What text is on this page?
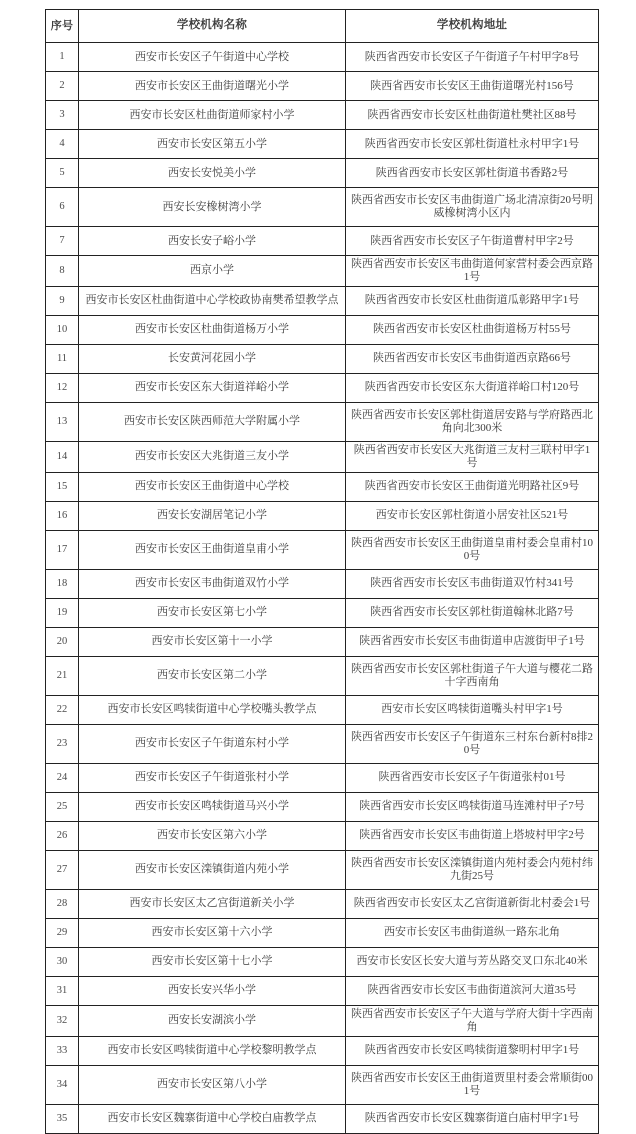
序号	学校机构名称	学校机构地址
1	西安市长安区子午街道中心学校	陕西省西安市长安区子午街道子午村甲字8号
2	西安市长安区王曲街道曙光小学	陕西省西安市长安区王曲街道曙光村156号
3	西安市长安区杜曲街道师家村小学	陕西省西安市长安区杜曲街道杜樊社区88号
4	西安市长安区第五小学	陕西省西安市长安区郭杜街道杜永村甲字1号
5	西安长安悦美小学	陕西省西安市长安区郭杜街道书香路2号
6	西安长安橡树湾小学	陕西省西安市长安区韦曲街道广场北清凉街20号明威橡树湾小区内
7	西安长安子峪小学	陕西省西安市长安区子午街道曹村甲字2号
8	西京小学	陕西省西安市长安区韦曲街道何家营村委会西京路1号
9	西安市长安区杜曲街道中心学校政协南樊希望教学点	陕西省西安市长安区杜曲街道瓜彰路甲字1号
10	西安市长安区杜曲街道杨万小学	陕西省西安市长安区杜曲街道杨万村55号
11	长安黄河花园小学	陕西省西安市长安区韦曲街道西京路66号
12	西安市长安区东大街道祥峪小学	陕西省西安市长安区东大街道祥峪口村120号
13	西安市长安区陕西师范大学附属小学	陕西省西安市长安区郭杜街道居安路与学府路西北角向北300米
14	西安市长安区大兆街道三友小学	陕西省西安市长安区大兆街道三友村三联村甲字1号
15	西安市长安区王曲街道中心学校	陕西省西安市长安区王曲街道光明路社区9号
16	西安长安湖居笔记小学	西安市长安区郭杜街道小居安社区521号
17	西安市长安区王曲街道皇甫小学	陕西省西安市长安区王曲街道皇甫村委会皇甫村100号
18	西安市长安区韦曲街道双竹小学	陕西省西安市长安区韦曲街道双竹村341号
19	西安市长安区第七小学	陕西省西安市长安区郭杜街道翰林北路7号
20	西安市长安区第十一小学	陕西省西安市长安区韦曲街道申店渡街甲子1号
21	西安市长安区第二小学	陕西省西安市长安区郭杜街道子午大道与樱花二路十字西南角
22	西安市长安区鸣犊街道中心学校嘴头教学点	西安市长安区鸣犊街道嘴头村甲字1号
23	西安市长安区子午街道东村小学	陕西省西安市长安区子午街道东三村东台新村8排20号
24	西安市长安区子午街道张村小学	陕西省西安市长安区子午街道张村01号
25	西安市长安区鸣犊街道马兴小学	陕西省西安市长安区鸣犊街道马连滩村甲子7号
26	西安市长安区第六小学	陕西省西安市长安区韦曲街道上塔坡村甲字2号
27	西安市长安区滦镇街道内苑小学	陕西省西安市长安区滦镇街道内苑村委会内苑村纬九街25号
28	西安市长安区太乙宫街道新关小学	陕西省西安市长安区太乙宫街道新街北村委会1号
29	西安市长安区第十六小学	西安市长安区韦曲街道纵一路东北角
30	西安市长安区第十七小学	西安市长安区长安大道与芳丛路交叉口东北40米
31	西安长安兴华小学	陕西省西安市长安区韦曲街道滨河大道35号
32	西安长安湖滨小学	陕西省西安市长安区子午大道与学府大街十字西南角
33	西安市长安区鸣犊街道中心学校黎明教学点	陕西省西安市长安区鸣犊街道黎明村甲字1号
34	西安市长安区第八小学	陕西省西安市长安区王曲街道贾里村委会常顺街001号
35	西安市长安区魏寨街道中心学校白庙教学点	陕西省西安市长安区魏寨街道白庙村甲字1号
